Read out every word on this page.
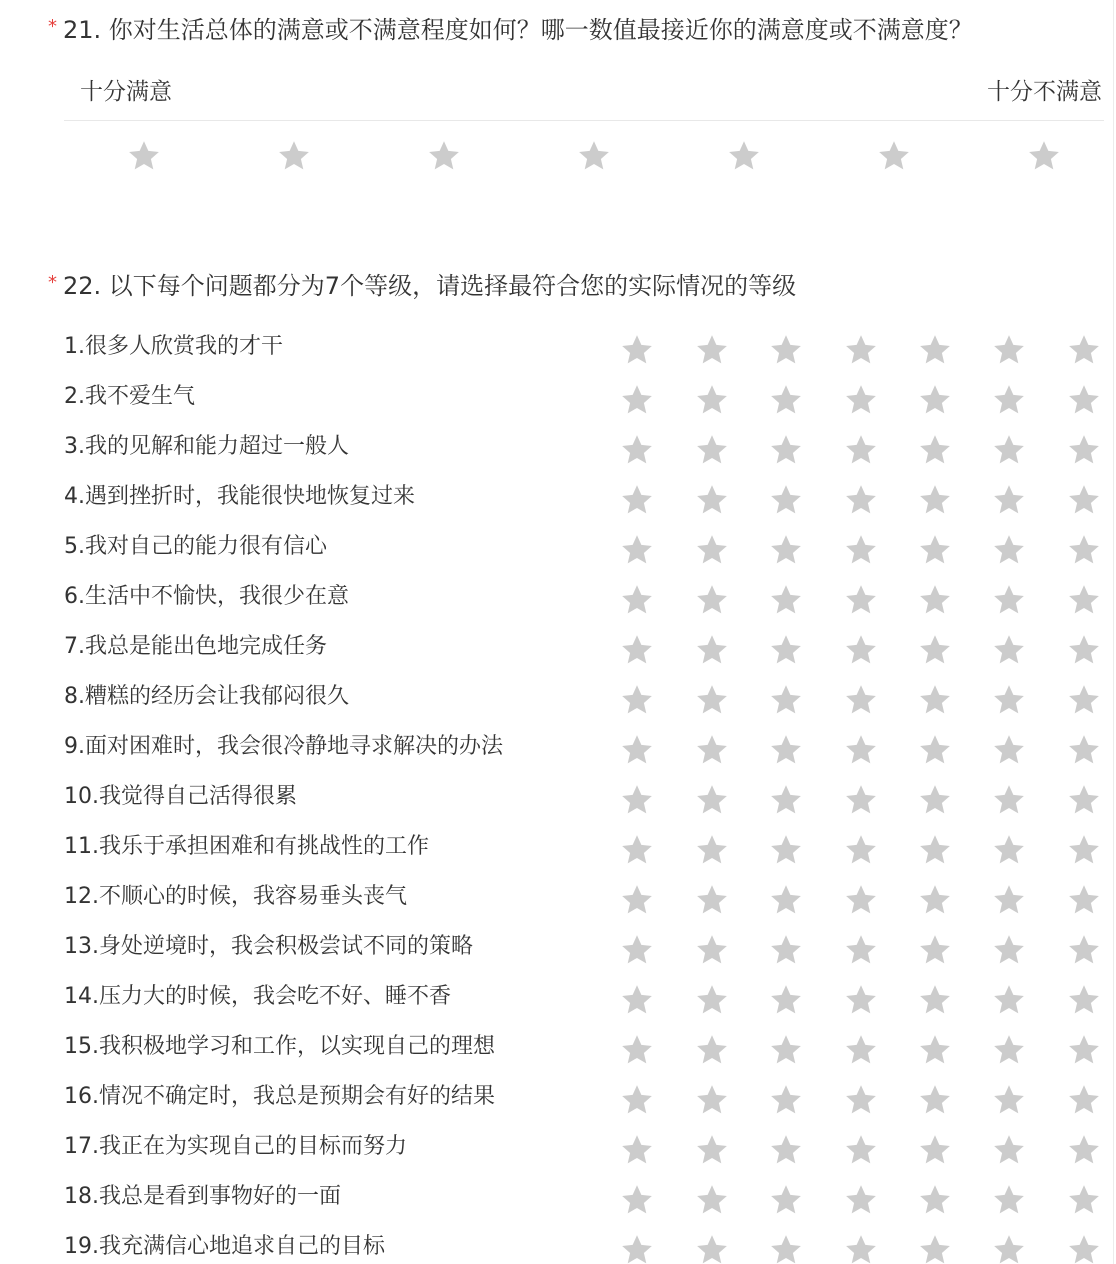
* 21. 你对生活总体的满意或不满意程度如何？哪一数值最接近你的满意度或不满意度？
十分满意	十分不满意
* 22. 以下每个问题都分为7个等级，请选择最符合您的实际情况的等级
1.很多人欣赏我的才干
2.我不爱生气
3.我的见解和能力超过一般人
4.遇到挫折时，我能很快地恢复过来
5.我对自己的能力很有信心
6.生活中不愉快，我很少在意
7.我总是能出色地完成任务
8.糟糕的经历会让我郁闷很久
9.面对困难时，我会很冷静地寻求解决的办法
10.我觉得自己活得很累
11.我乐于承担困难和有挑战性的工作
12.不顺心的时候，我容易垂头丧气
13.身处逆境时，我会积极尝试不同的策略
14.压力大的时候，我会吃不好、睡不香
15.我积极地学习和工作，以实现自己的理想
16.情况不确定时，我总是预期会有好的结果
17.我正在为实现自己的目标而努力
18.我总是看到事物好的一面
19.我充满信心地追求自己的目标
